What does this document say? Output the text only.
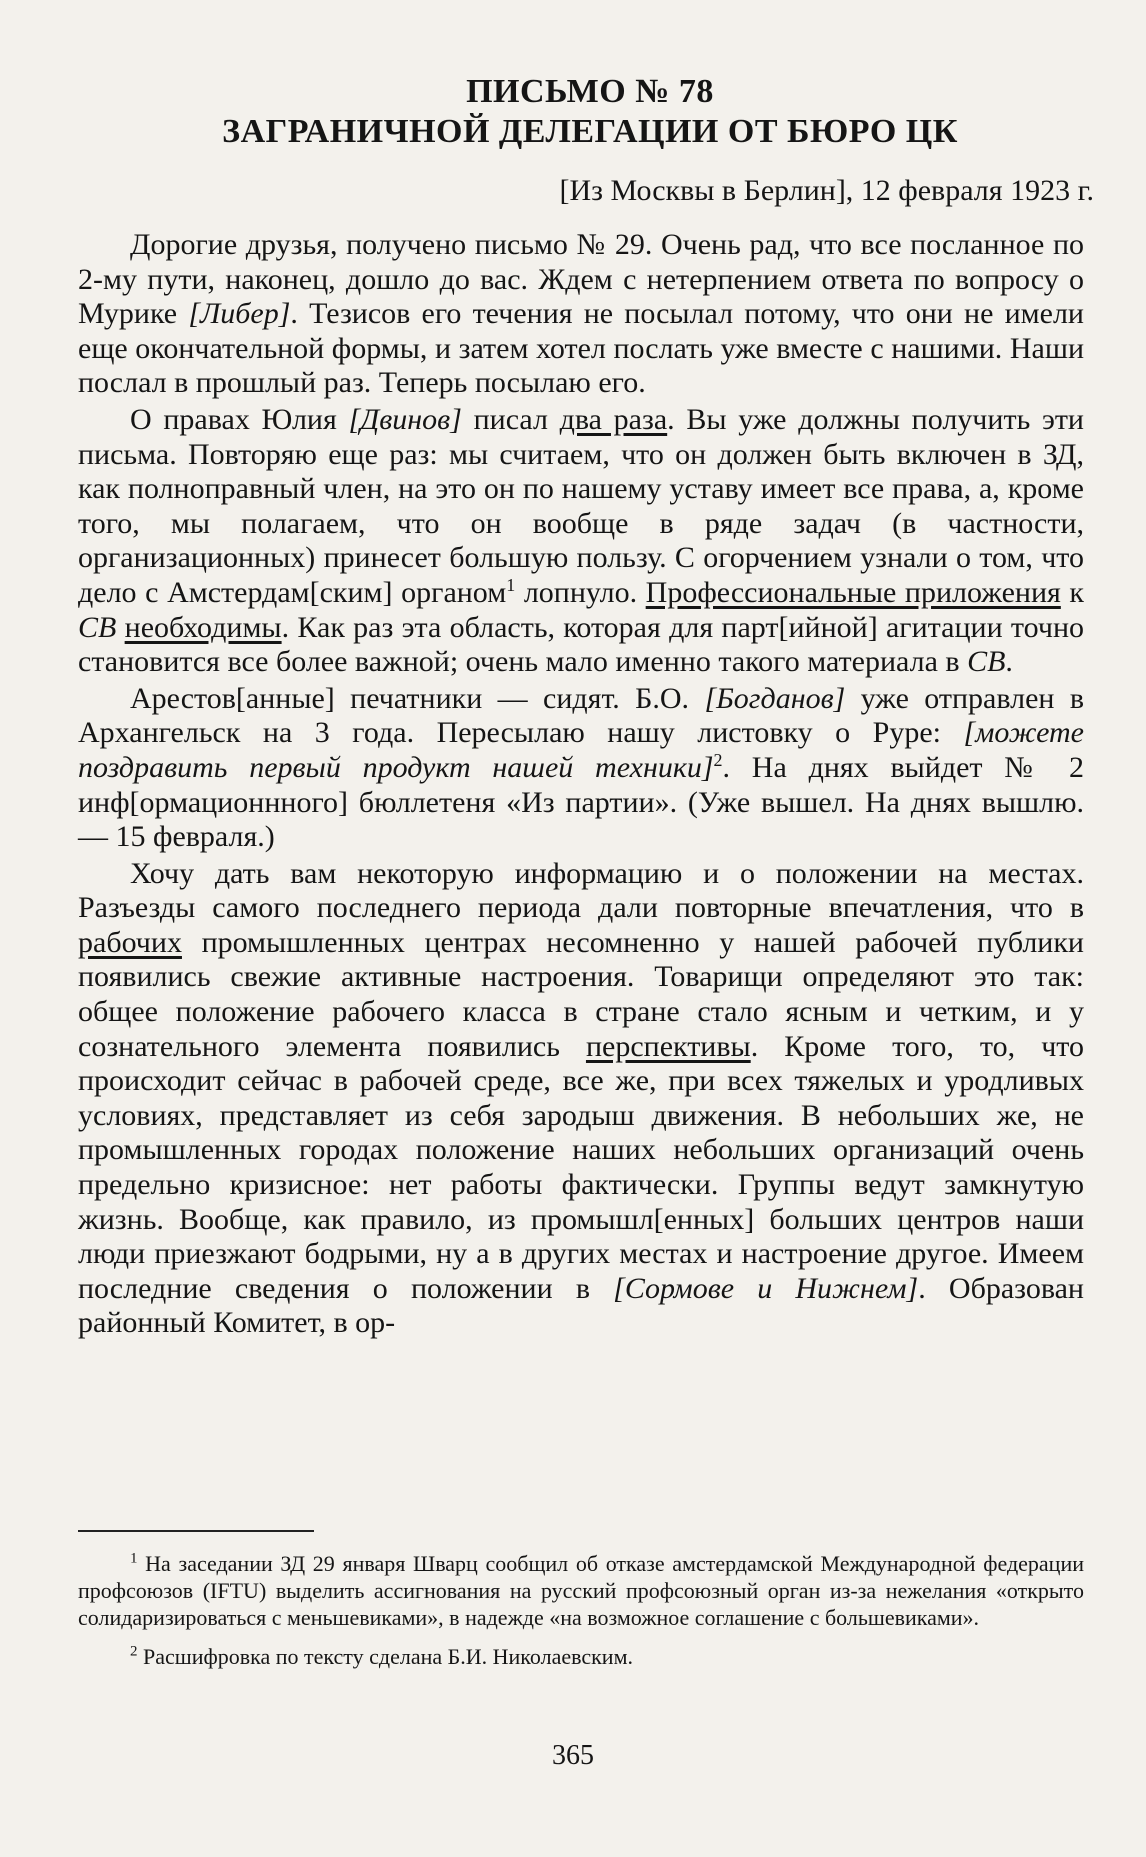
ПИСЬМО № 78
ЗАГРАНИЧНОЙ ДЕЛЕГАЦИИ ОТ БЮРО ЦК
[Из Москвы в Берлин], 12 февраля 1923 г.

Дорогие друзья, получено письмо № 29. Очень рад, что все посланное по 2-му пути, наконец, дошло до вас. Ждем с нетерпением ответа по вопросу о Мурике [Либер]. Тезисов его течения не посылал потому, что они не имели еще окончательной формы, и затем хотел послать уже вместе с нашими. Наши послал в прошлый раз. Теперь посылаю его.

О правах Юлия [Двинов] писал два раза. Вы уже должны получить эти письма. Повторяю еще раз: мы считаем, что он должен быть включен в ЗД, как полноправный член, на это он по нашему уставу имеет все права, а, кроме того, мы полагаем, что он вообще в ряде задач (в частности, организационных) принесет большую пользу. С огорчением узнали о том, что дело с Амстердам[ским] органом$^1$ лопнуло. Профессиональные приложения к СВ необходимы. Как раз эта область, которая для парт[ийной] агитации точно становится все более важной; очень мало именно такого материала в СВ.

Арестов[анные] печатники — сидят. Б.О. [Богданов] уже отправлен в Архангельск на 3 года. Пересылаю нашу листовку о Руре: [можете поздравить первый продукт нашей техники]$^2$. На днях выйдет № 2 инф[ормационнного] бюллетеня «Из партии». (Уже вышел. На днях вышлю. — 15 февраля.)

Хочу дать вам некоторую информацию и о положении на местах. Разъезды самого последнего периода дали повторные впечатления, что в рабочих промышленных центрах несомненно у нашей рабочей публики появились свежие активные настроения. Товарищи определяют это так: общее положение рабочего класса в стране стало ясным и четким, и у сознательного элемента появились перспективы. Кроме того, то, что происходит сейчас в рабочей среде, все же, при всех тяжелых и уродливых условиях, представляет из себя зародыш движения. В небольших же, не промышленных городах положение наших небольших организаций очень предельно кризисное: нет работы фактически. Группы ведут замкнутую жизнь. Вообще, как правило, из промышл[енных] больших центров наши люди приезжают бодрыми, ну а в других местах и настроение другое. Имеем последние сведения о положении в [Сормове и Нижнем]. Образован районный Комитет, в ор-

$^1$ На заседании ЗД 29 января Шварц сообщил об отказе амстердамской Международной федерации профсоюзов (IFTU) выделить ассигнования на русский профсоюзный орган из-за нежелания «открыто солидаризироваться с меньшевиками», в надежде «на возможное соглашение с большевиками».

$^2$ Расшифровка по тексту сделана Б.И. Николаевским.

365
